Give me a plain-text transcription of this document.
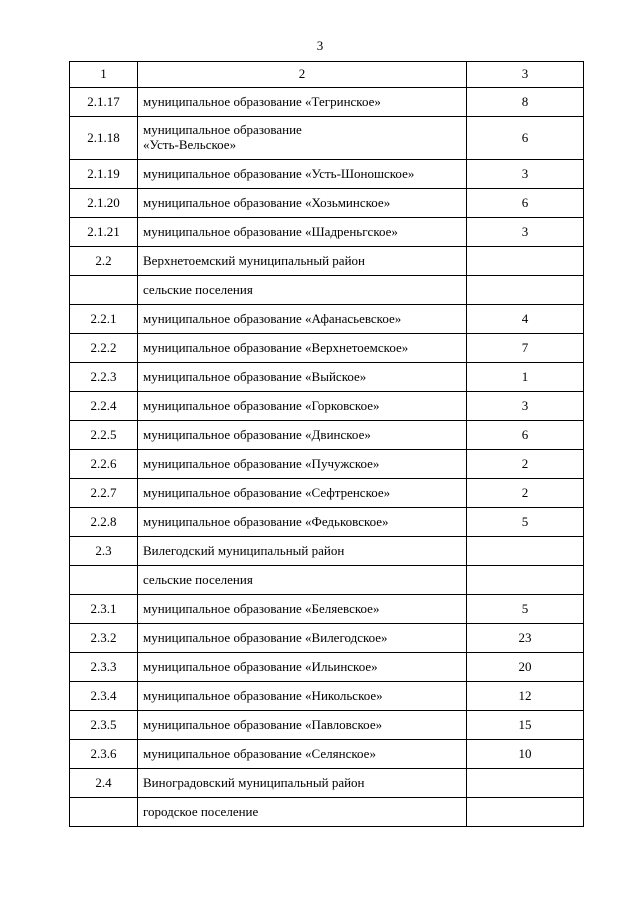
3
1	2	3
2.1.17	муниципальное образование «Тегринское»	8
2.1.18	муниципальное образование
«Усть-Вельское»	6
2.1.19	муниципальное образование «Усть-Шоношское»	3
2.1.20	муниципальное образование «Хозьминское»	6
2.1.21	муниципальное образование «Шадреньгское»	3
2.2	Верхнетоемский муниципальный район	
	сельские поселения	
2.2.1	муниципальное образование «Афанасьевское»	4
2.2.2	муниципальное образование «Верхнетоемское»	7
2.2.3	муниципальное образование «Выйское»	1
2.2.4	муниципальное образование «Горковское»	3
2.2.5	муниципальное образование «Двинское»	6
2.2.6	муниципальное образование «Пучужское»	2
2.2.7	муниципальное образование «Сефтренское»	2
2.2.8	муниципальное образование «Федьковское»	5
2.3	Вилегодский муниципальный район	
	сельские поселения	
2.3.1	муниципальное образование «Беляевское»	5
2.3.2	муниципальное образование «Вилегодское»	23
2.3.3	муниципальное образование «Ильинское»	20
2.3.4	муниципальное образование «Никольское»	12
2.3.5	муниципальное образование «Павловское»	15
2.3.6	муниципальное образование «Селянское»	10
2.4	Виноградовский муниципальный район	
	городское поселение	
